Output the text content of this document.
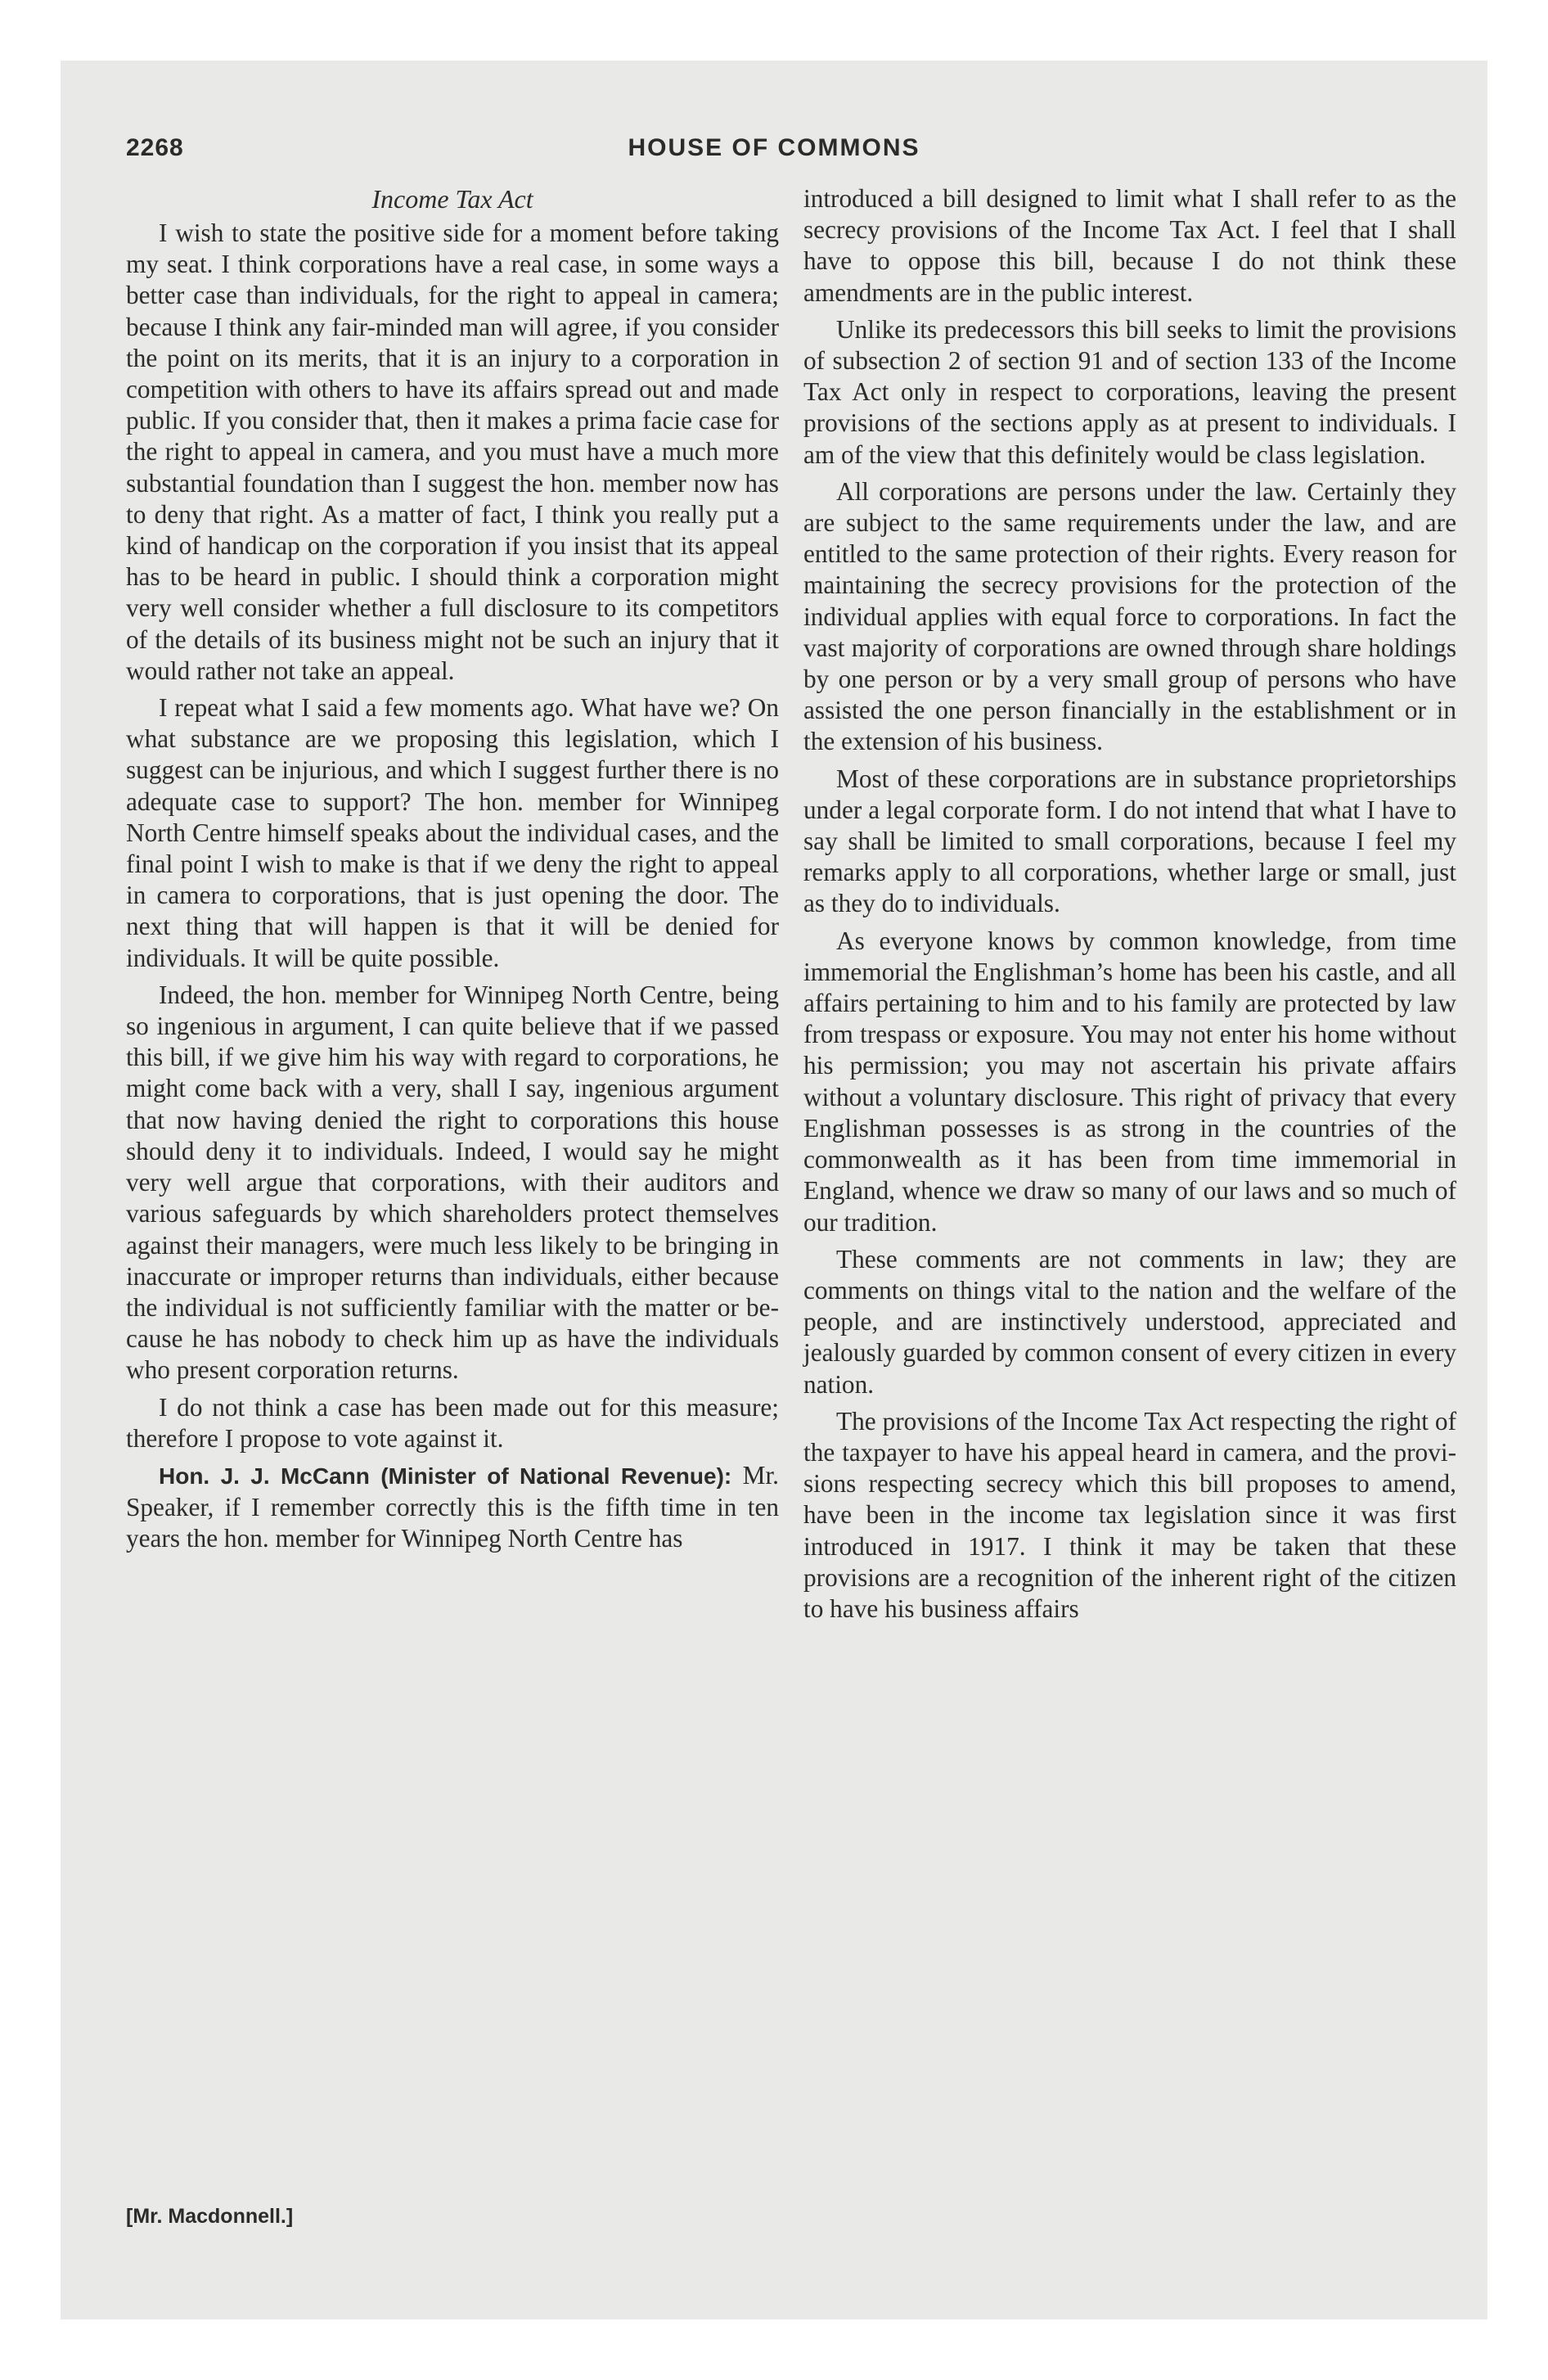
2268	HOUSE OF COMMONS
Income Tax Act

I wish to state the positive side for a moment before taking my seat. I think corporations have a real case, in some ways a better case than individuals, for the right to appeal in camera; because I think any fair-minded man will agree, if you consider the point on its merits, that it is an injury to a corporation in competition with others to have its affairs spread out and made public. If you consider that, then it makes a prima facie case for the right to appeal in camera, and you must have a much more substantial foundation than I suggest the hon. member now has to deny that right. As a matter of fact, I think you really put a kind of handicap on the corporation if you insist that its appeal has to be heard in public. I should think a corporation might very well consider whether a full disclosure to its competitors of the details of its business might not be such an injury that it would rather not take an appeal.

I repeat what I said a few moments ago. What have we? On what substance are we proposing this legislation, which I suggest can be injurious, and which I suggest further there is no adequate case to support? The hon. member for Winnipeg North Centre himself speaks about the individual cases, and the final point I wish to make is that if we deny the right to appeal in camera to corporations, that is just opening the door. The next thing that will happen is that it will be denied for individuals. It will be quite possible.

Indeed, the hon. member for Winnipeg North Centre, being so ingenious in argument, I can quite believe that if we passed this bill, if we give him his way with regard to corporations, he might come back with a very, shall I say, ingenious argument that now having denied the right to corporations this house should deny it to individuals. Indeed, I would say he might very well argue that corporations, with their auditors and various safeguards by which shareholders protect themselves against their managers, were much less likely to be bringing in inaccurate or improper returns than individuals, either because the individual is not sufficiently familiar with the matter or because he has nobody to check him up as have the individuals who present corporation returns.

I do not think a case has been made out for this measure; therefore I propose to vote against it.

Hon. J. J. McCann (Minister of National Revenue): Mr. Speaker, if I remember correctly this is the fifth time in ten years the hon. member for Winnipeg North Centre has

introduced a bill designed to limit what I shall refer to as the secrecy provisions of the Income Tax Act. I feel that I shall have to oppose this bill, because I do not think these amendments are in the public interest.

Unlike its predecessors this bill seeks to limit the provisions of subsection 2 of section 91 and of section 133 of the Income Tax Act only in respect to corporations, leaving the present provisions of the sections apply as at present to individuals. I am of the view that this definitely would be class legislation.

All corporations are persons under the law. Certainly they are subject to the same requirements under the law, and are entitled to the same protection of their rights. Every reason for maintaining the secrecy provisions for the protection of the individual applies with equal force to corporations. In fact the vast majority of corporations are owned through share holdings by one person or by a very small group of persons who have assisted the one person financially in the establishment or in the extension of his business.

Most of these corporations are in substance proprietorships under a legal corporate form. I do not intend that what I have to say shall be limited to small corporations, because I feel my remarks apply to all corporations, whether large or small, just as they do to individuals.

As everyone knows by common knowledge, from time immemorial the Englishman’s home has been his castle, and all affairs pertaining to him and to his family are protected by law from trespass or exposure. You may not enter his home without his permission; you may not ascertain his private affairs without a voluntary disclosure. This right of privacy that every Englishman possesses is as strong in the countries of the commonwealth as it has been from time immemorial in England, whence we draw so many of our laws and so much of our tradition.

These comments are not comments in law; they are comments on things vital to the nation and the welfare of the people, and are instinctively understood, appreciated and jealously guarded by common consent of every citizen in every nation.

The provisions of the Income Tax Act respecting the right of the taxpayer to have his appeal heard in camera, and the provisions respecting secrecy which this bill proposes to amend, have been in the income tax legislation since it was first introduced in 1917. I think it may be taken that these provisions are a recognition of the inherent right of the citizen to have his business affairs

[Mr. Macdonnell.]
